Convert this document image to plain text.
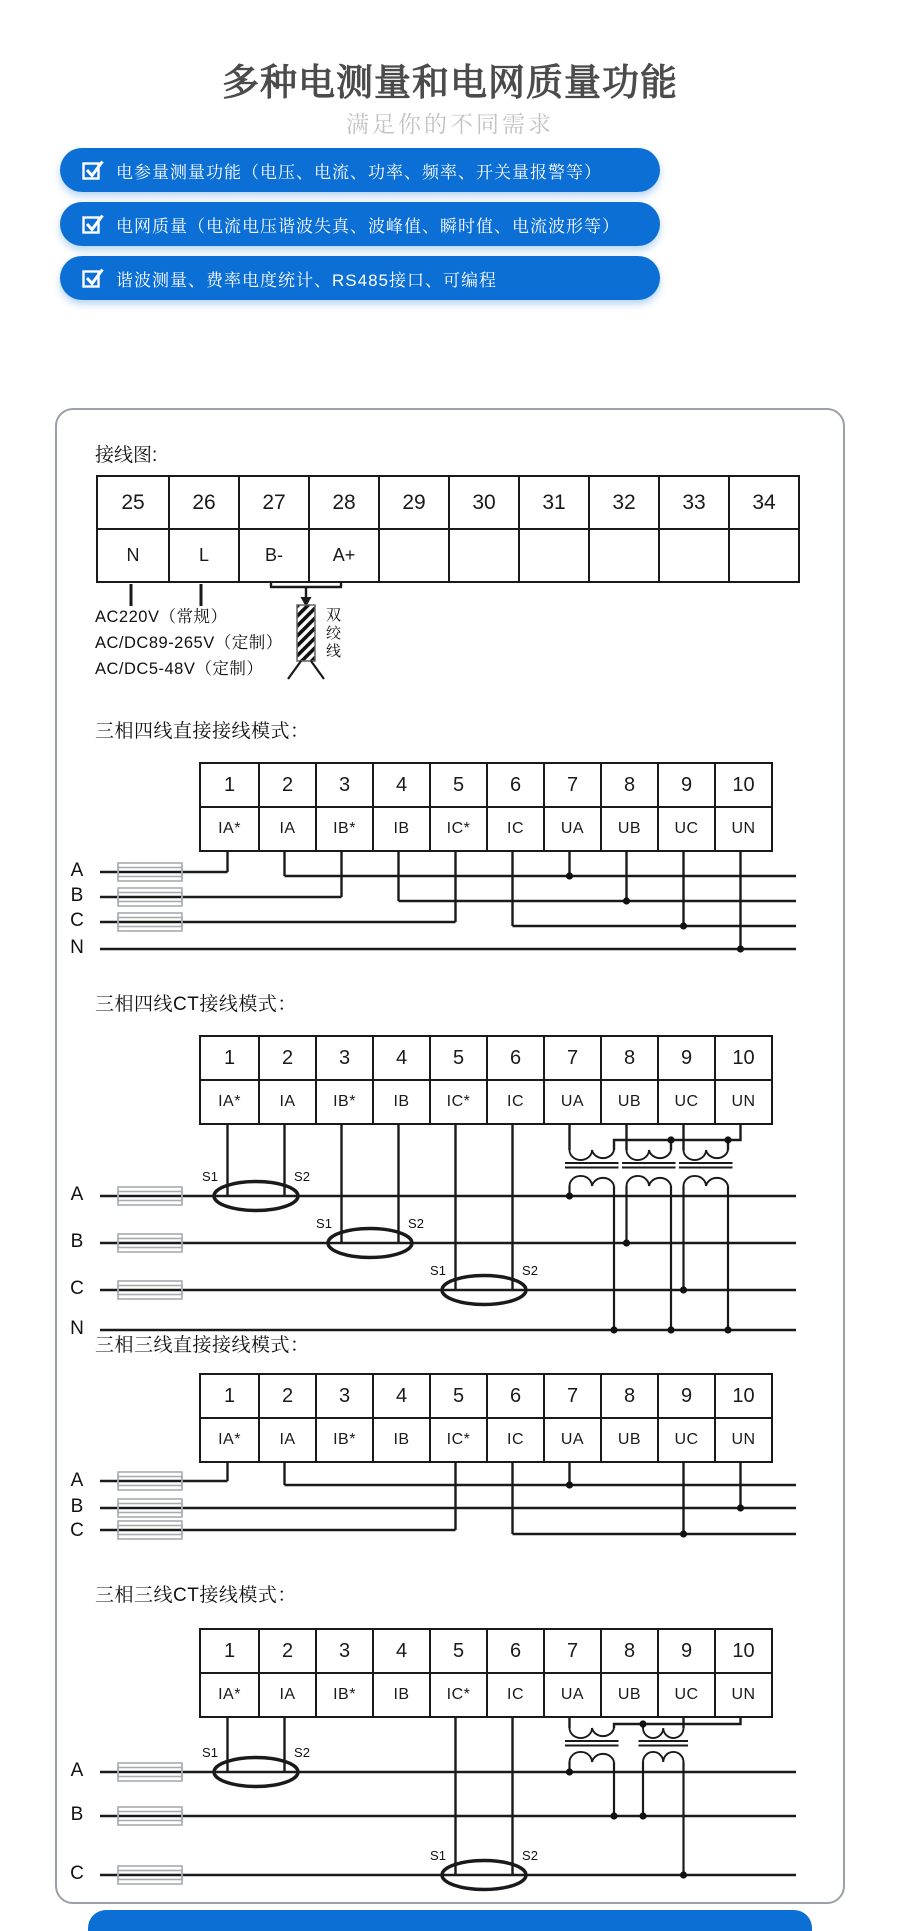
多种电测量和电网质量功能
满足你的不同需求
电参量测量功能（电压、电流、功率、频率、开关量报警等）
电网质量（电流电压谐波失真、波峰值、瞬时值、电流波形等）
谐波测量、费率电度统计、RS485接口、可编程
S1	S2
S1	S2
S1	S2
S1	S2
S1	S2
接线图:
25	26	27	28	29	30	31	32	33	34
N	L	B-	A+
AC220V（常规）
AC/DC89-265V（定制）
AC/DC5-48V（定制）
双绞线
三相四线直接接线模式：
1	2	3	4	5	6	7	8	9	10
IA*	IA	IB*	IB	IC*	IC	UA	UB	UC	UN
A
B
C
N
三相四线CT接线模式：
1	2	3	4	5	6	7	8	9	10
IA*	IA	IB*	IB	IC*	IC	UA	UB	UC	UN
A
B
C
N
三相三线直接接线模式：
1	2	3	4	5	6	7	8	9	10
IA*	IA	IB*	IB	IC*	IC	UA	UB	UC	UN
A
B
C
三相三线CT接线模式：
1	2	3	4	5	6	7	8	9	10
IA*	IA	IB*	IB	IC*	IC	UA	UB	UC	UN
A
B
C
